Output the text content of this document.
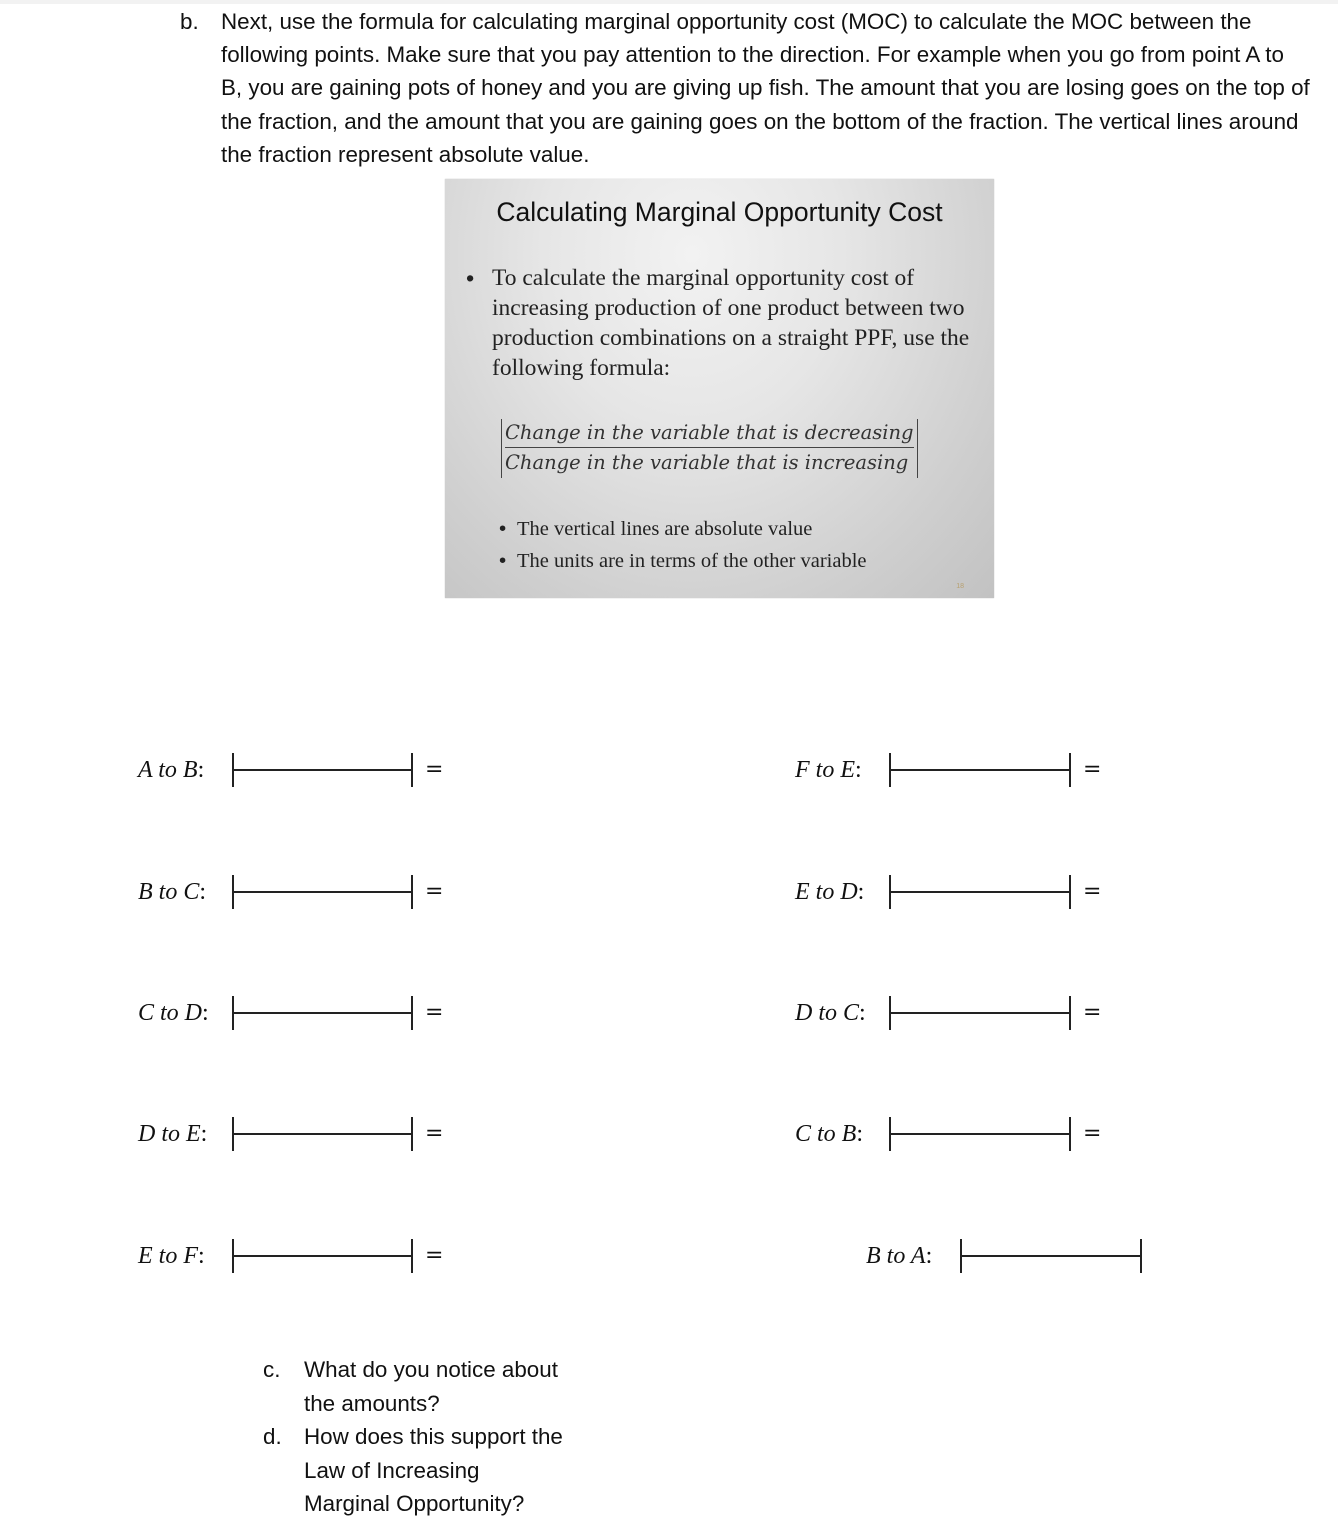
b. Next, use the formula for calculating marginal opportunity cost (MOC) to calculate the MOC between the following points. Make sure that you pay attention to the direction. For example when you go from point A to B, you are gaining pots of honey and you are giving up fish. The amount that you are losing goes on the top of the fraction, and the amount that you are gaining goes on the bottom of the fraction. The vertical lines around the fraction represent absolute value.
Calculating Marginal Opportunity Cost
• To calculate the marginal opportunity cost of increasing production of one product between two production combinations on a straight PPF, use the following formula:
Change in the variable that is decreasing
Change in the variable that is increasing
• The vertical lines are absolute value
• The units are in terms of the other variable
18
A to B:	=
B to C:	=
C to D:	=
D to E:	=
E to F:	=
F to E:	=
E to D:	=
D to C:	=
C to B:	=
B to A:
c. What do you notice about the amounts?
d. How does this support the Law of Increasing Marginal Opportunity?
